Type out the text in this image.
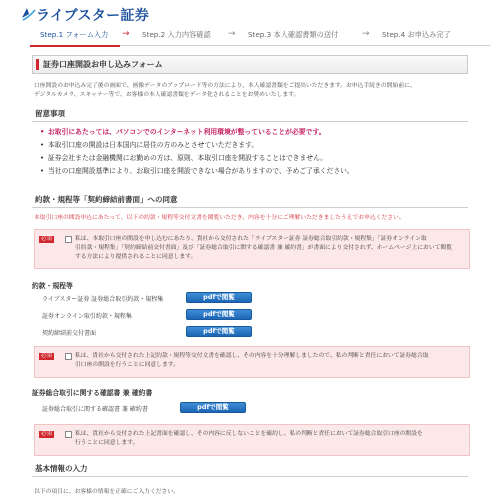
ライブスター証券
Step.1 フォーム入力 → Step.2 入力内容確認 → Step.3 本人確認書類の送付	→ Step.4 お申込み完了
証券口座開設お申し込みフォーム
口座開設のお申込み完了後の画面で、画像データのアップロード等の方法により、本人確認書類をご提出いただきます。お申込手続きの開始前に、
デジタルカメラ、スキャナー等で、お客様の本人確認書類をデータ化されることをお奨めいたします。
留意事項
• お取引にあたっては、パソコンでのインターネット利用環境が整っていることが必要です。
• 本取引口座の開設は日本国内に居住の方のみとさせていただきます。
• 証券会社または金融機関にお勤めの方は、原則、本取引口座を開設することはできません。
• 当社の口座開設基準により、お取引口座を開設できない場合がありますので、予めご了承ください。
約款・規程等「契約締結前書面」への同意
本取引口座の開設申込にあたって、以下の約款・規程等交付文書を閲覧いただき、内容を十分にご理解いただきましたうえでお申込ください。
必須	私は、本取引口座の開設を申し込むにあたり、貴社から交付された「ライブスター証券 証券総合取引約款・規程集」「証券オンライン取
引約款・規程集」「契約締結前交付書面」及び「証券総合取引に関する確認書 兼 確約書」が書面により交付されず、ホームページ上において閲覧
する方法により提供されることに同意します。
約款・規程等
ライブスター証券 証券総合取引約款・規程集	pdfで閲覧
証券オンライン取引約款・規程集	pdfで閲覧
契約締結前交付書面	pdfで閲覧
必須	私は、貴社から交付された上記約款・規程等交付文書を確認し、その内容を十分理解しましたので、私の判断と責任において証券総合取
引口座の開設を行うことに同意します。
証券総合取引に関する確認書 兼 確約書
証券総合取引に関する確認書 兼 確約書	pdfで閲覧
必須	私は、貴社から交付された上記書面を確認し、その内容に反しないことを確約し、私の判断と責任において証券総合取引口座の開設を
行うことに同意します。
基本情報の入力
以下の項目に、お客様の情報を正確にご入力ください。
